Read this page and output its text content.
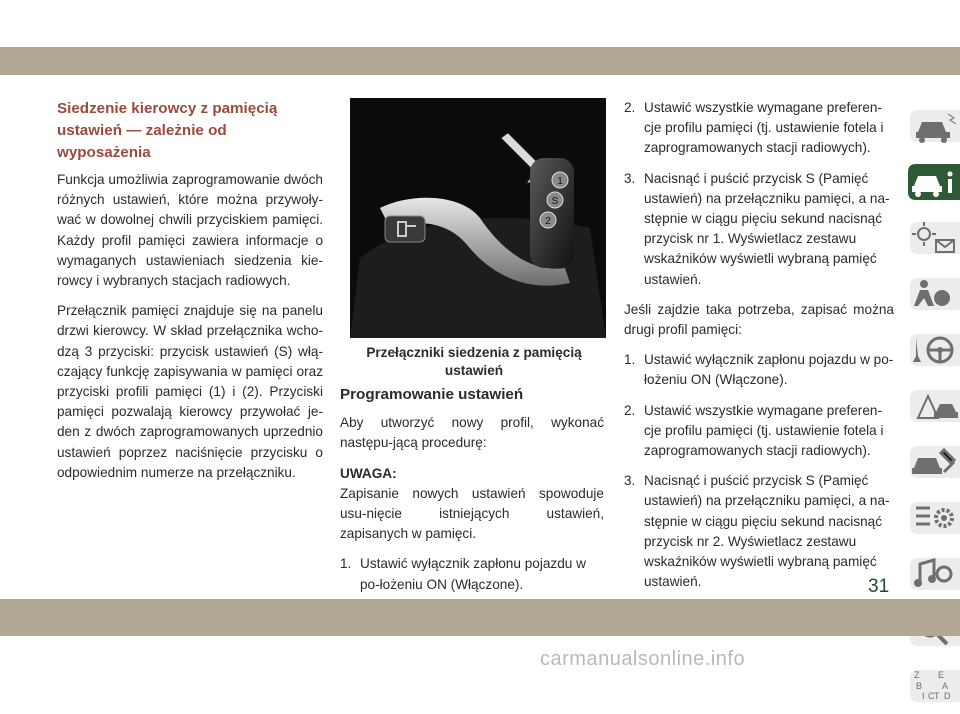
Siedzenie kierowcy z pamięcią
ustawień — zależnie od wyposażenia

Funkcja umożliwia zaprogramowanie dwóch różnych ustawień, które można przywoły-wać w dowolnej chwili przyciskiem pamięci. Każdy profil pamięci zawiera informacje o wymaganych ustawieniach siedzenia kie-rowcy i wybranych stacjach radiowych.

Przełącznik pamięci znajduje się na panelu drzwi kierowcy. W skład przełącznika wcho-dzą 3 przyciski: przycisk ustawień (S) włą-czający funkcję zapisywania w pamięci oraz przyciski profili pamięci (1) i (2). Przyciski pamięci pozwalają kierowcy przywołać je-den z dwóch zaprogramowanych uprzednio ustawień poprzez naciśnięcie przycisku o odpowiednim numerze na przełączniku.

1
S
2
Przełączniki siedzenia z pamięcią ustawień
Programowanie ustawień

Aby utworzyć nowy profil, wykonać następu-jącą procedurę:

UWAGA:

Zapisanie nowych ustawień spowoduje usu-nięcie istniejących ustawień, zapisanych w pamięci.

1. Ustawić wyłącznik zapłonu pojazdu w po-łożeniu ON (Włączone).
2. Ustawić wszystkie wymagane preferen-cje profilu pamięci (tj. ustawienie fotela i zaprogramowanych stacji radiowych).
3. Nacisnąć i puścić przycisk S (Pamięć ustawień) na przełączniku pamięci, a na-stępnie w ciągu pięciu sekund nacisnąć przycisk nr 1. Wyświetlacz zestawu wskaźników wyświetli wybraną pamięć ustawień.

Jeśli zajdzie taka potrzeba, zapisać można drugi profil pamięci:

1. Ustawić wyłącznik zapłonu pojazdu w po-łożeniu ON (Włączone).
2. Ustawić wszystkie wymagane preferen-cje profilu pamięci (tj. ustawienie fotela i zaprogramowanych stacji radiowych).
3. Nacisnąć i puścić przycisk S (Pamięć ustawień) na przełączniku pamięci, a na-stępnie w ciągu pięciu sekund nacisnąć przycisk nr 2. Wyświetlacz zestawu wskaźników wyświetli wybraną pamięć ustawień.
Z E
B A
I C T D
31
carmanualsonline.info
